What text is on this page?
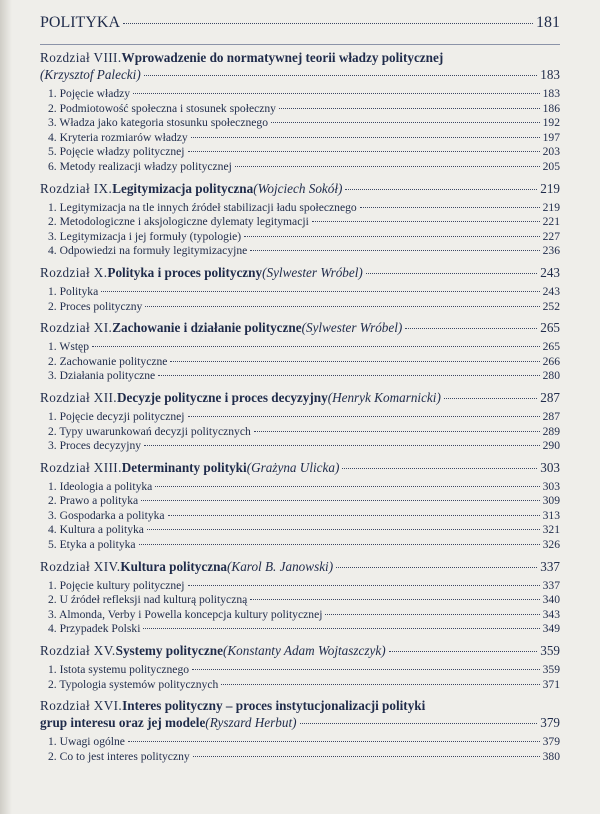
POLITYKA	181
Rozdział VIII. Wprowadzenie do normatywnej teorii władzy politycznej
(Krzysztof Palecki)	183
1. Pojęcie władzy	183
2. Podmiotowość społeczna i stosunek społeczny	186
3. Władza jako kategoria stosunku społecznego	192
4. Kryteria rozmiarów władzy	197
5. Pojęcie władzy politycznej	203
6. Metody realizacji władzy politycznej	205
Rozdział IX. Legitymizacja polityczna (Wojciech Sokół)	219
1. Legitymizacja na tle innych źródeł stabilizacji ładu społecznego	219
2. Metodologiczne i aksjologiczne dylematy legitymacji	221
3. Legitymizacja i jej formuły (typologie)	227
4. Odpowiedzi na formuły legitymizacyjne	236
Rozdział X. Polityka i proces polityczny (Sylwester Wróbel)	243
1. Polityka	243
2. Proces polityczny	252
Rozdział XI. Zachowanie i działanie polityczne (Sylwester Wróbel)	265
1. Wstęp	265
2. Zachowanie polityczne	266
3. Działania polityczne	280
Rozdział XII. Decyzje polityczne i proces decyzyjny (Henryk Komarnicki)	287
1. Pojęcie decyzji politycznej	287
2. Typy uwarunkowań decyzji politycznych	289
3. Proces decyzyjny	290
Rozdział XIII. Determinanty polityki (Grażyna Ulicka)	303
1. Ideologia a polityka	303
2. Prawo a polityka	309
3. Gospodarka a polityka	313
4. Kultura a polityka	321
5. Etyka a polityka	326
Rozdział XIV. Kultura polityczna (Karol B. Janowski)	337
1. Pojęcie kultury politycznej	337
2. U źródeł refleksji nad kulturą polityczną	340
3. Almonda, Verby i Powella koncepcja kultury politycznej	343
4. Przypadek Polski	349
Rozdział XV. Systemy polityczne (Konstanty Adam Wojtaszczyk)	359
1. Istota systemu politycznego	359
2. Typologia systemów politycznych	371
Rozdział XVI. Interes polityczny – proces instytucjonalizacji polityki
grup interesu oraz jej modele (Ryszard Herbut)	379
1. Uwagi ogólne	379
2. Co to jest interes polityczny	380
